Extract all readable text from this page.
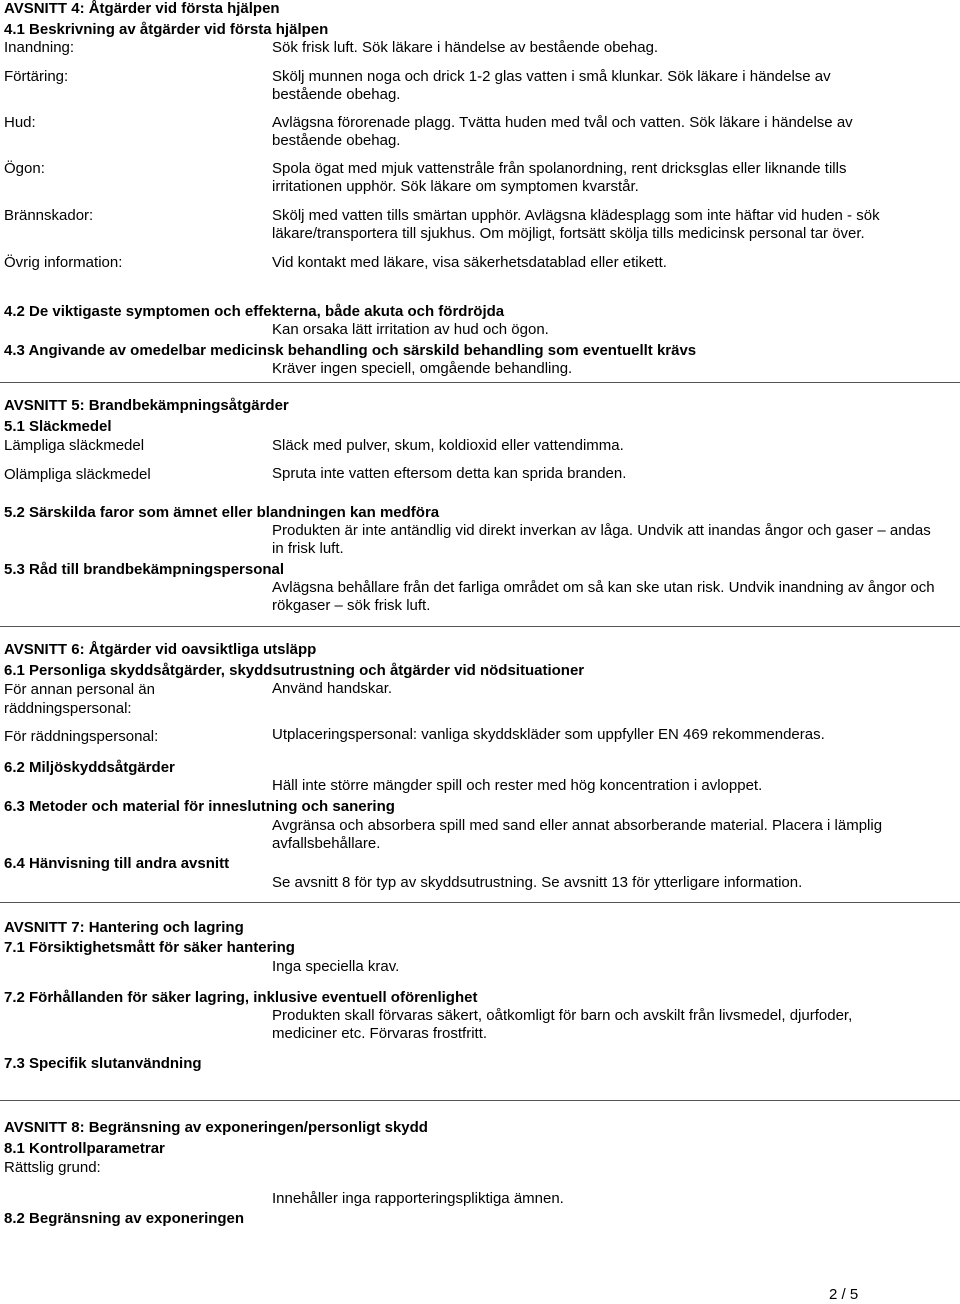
AVSNITT 4: Åtgärder vid första hjälpen
4.1 Beskrivning av åtgärder vid första hjälpen
Inandning:	Sök frisk luft. Sök läkare i händelse av bestående obehag.
Förtäring:	Skölj munnen noga och drick 1-2 glas vatten i små klunkar. Sök läkare i händelse av bestående obehag.
Hud:	Avlägsna förorenade plagg. Tvätta huden med tvål och vatten. Sök läkare i händelse av bestående obehag.
Ögon:	Spola ögat med mjuk vattenstråle från spolanordning, rent dricksglas eller liknande tills irritationen upphör. Sök läkare om symptomen kvarstår.
Brännskador:	Skölj med vatten tills smärtan upphör. Avlägsna klädesplagg som inte häftar vid huden - sök läkare/transportera till sjukhus. Om möjligt, fortsätt skölja tills medicinsk personal tar över.
Övrig information:	Vid kontakt med läkare, visa säkerhetsdatablad eller etikett.
4.2 De viktigaste symptomen och effekterna, både akuta och fördröjda
Kan orsaka lätt irritation av hud och ögon.
4.3 Angivande av omedelbar medicinsk behandling och särskild behandling som eventuellt krävs
Kräver ingen speciell, omgående behandling.
AVSNITT 5: Brandbekämpningsåtgärder
5.1 Släckmedel
Lämpliga släckmedel	Släck med pulver, skum, koldioxid eller vattendimma.
Olämpliga släckmedel	Spruta inte vatten eftersom detta kan sprida branden.
5.2 Särskilda faror som ämnet eller blandningen kan medföra
Produkten är inte antändlig vid direkt inverkan av låga. Undvik att inandas ångor och gaser – andas in frisk luft.
5.3 Råd till brandbekämpningspersonal
Avlägsna behållare från det farliga området om så kan ske utan risk. Undvik inandning av ångor och rökgaser – sök frisk luft.
AVSNITT 6: Åtgärder vid oavsiktliga utsläpp
6.1 Personliga skyddsåtgärder, skyddsutrustning och åtgärder vid nödsituationer
För annan personal än räddningspersonal:
Använd handskar.
För räddningspersonal:	Utplaceringspersonal: vanliga skyddskläder som uppfyller EN 469 rekommenderas.
6.2 Miljöskyddsåtgärder
Häll inte större mängder spill och rester med hög koncentration i avloppet.
6.3 Metoder och material för inneslutning och sanering
Avgränsa och absorbera spill med sand eller annat absorberande material. Placera i lämplig avfallsbehållare.
6.4 Hänvisning till andra avsnitt
Se avsnitt 8 för typ av skyddsutrustning. Se avsnitt 13 för ytterligare information.
AVSNITT 7: Hantering och lagring
7.1 Försiktighetsmått för säker hantering
Inga speciella krav.
7.2 Förhållanden för säker lagring, inklusive eventuell oförenlighet
Produkten skall förvaras säkert, oåtkomligt för barn och avskilt från livsmedel, djurfoder, mediciner etc. Förvaras frostfritt.
7.3 Specifik slutanvändning
AVSNITT 8: Begränsning av exponeringen/personligt skydd
8.1 Kontrollparametrar
Rättslig grund:
Innehåller inga rapporteringspliktiga ämnen.
8.2 Begränsning av exponeringen
2 / 5
